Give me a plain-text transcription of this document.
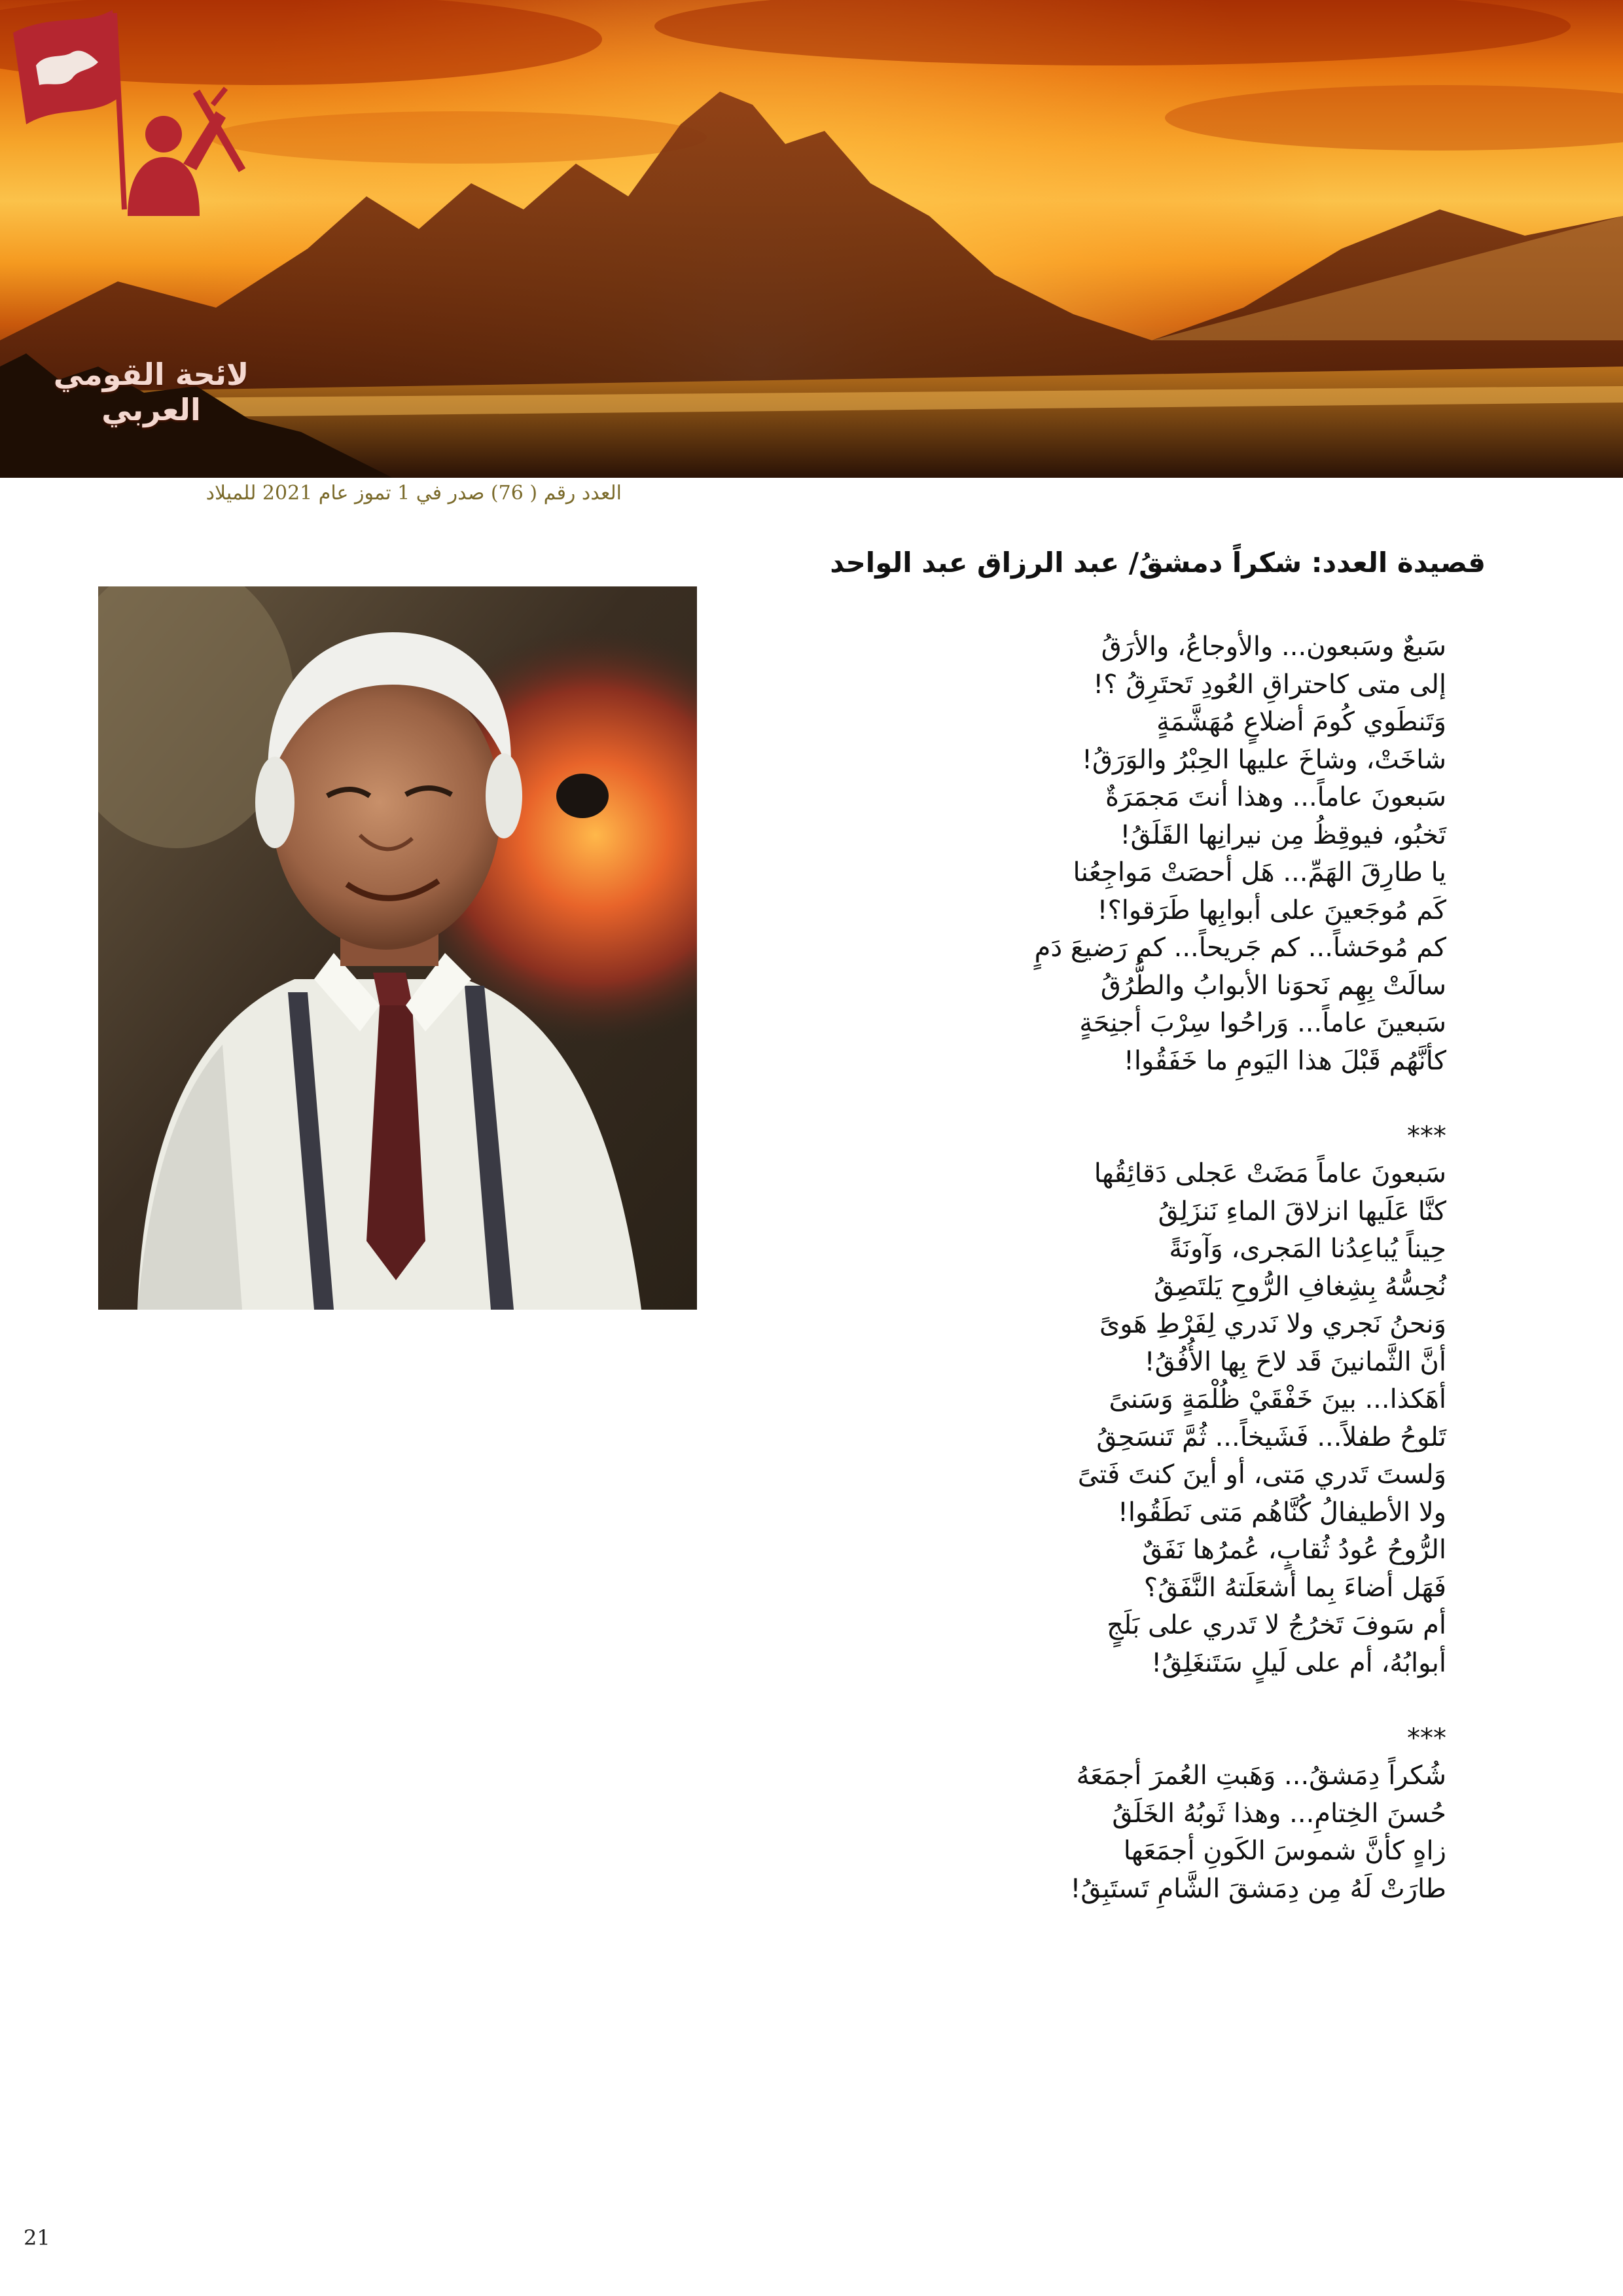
لائحة القومي العربي
العدد رقم ( 76) صدر في 1 تموز عام 2021 للميلاد
قصيدة العدد: شكراً دمشقُ/ عبد الرزاق عبد الواحد
سَبعٌ وسَبعون... والأوجاعُ، والأرَقُ
إلى متى كاحتراقِ العُودِ تَحتَرِقُ ؟!
وَتَنطَوي كُومَ أضلاعٍ مُهَشَّمَةٍ
شاخَتْ، وشاخَ عليها الحِبْرُ والوَرَقُ!
سَبعونَ عاماً... وهذا أنتَ مَجمَرَةٌ
تَخبُو، فيوقِظُ مِن نيرانِها القَلَقُ!
يا طارِقَ الهَمِّ... هَل أحصَتْ مَواجِعُنا
كَم مُوجَعينَ على أبوابِها طَرَقوا؟!
كم مُوحَشاً... كم جَريحاً... كم رَضيعَ دَمٍ
سالَتْ بِهِم نَحوَنا الأبوابُ والطُّرُقُ
سَبعينَ عاماً... وَراحُوا سِرْبَ أجنِحَةٍ
كأنَّهُم قَبْلَ هذا اليَومِ ما خَفَقُوا!
***
سَبعونَ عاماً مَضَتْ عَجلى دَقائِقُها
كنَّا عَلَيها انزلاقَ الماءِ نَنزَلِقُ
حِيناً يُباعِدُنا المَجرى، وَآونَةً
نُحِسُّهُ بِشِغافِ الرُّوحِ يَلتَصِقُ
وَنحنُ نَجري ولا نَدري لِفَرْطِ هَوىً
أنَّ الثَّمانينَ قَد لاحَ بِها الأُفُقُ!
أهَكذا... بينَ خَفْقَيْ ظُلْمَةٍ وَسَنىً
تَلوحُ طفلاً... فَشَيخاً... ثُمَّ تَنسَحِقُ
وَلستَ تَدري مَتى، أو أينَ كنتَ فَتىً
ولا الأطيفالُ كُنَّاهُم مَتى نَطَقُوا!
الرُّوحُ عُودُ ثُقابٍ، عُمرُها نَفَقٌ
فَهَل أضاءَ بِما أشعَلَتهُ النَّفَقُ؟
أم سَوفَ تَخرُجُ لا تَدري على بَلَجٍ
أبوابُهُ، أم على لَيلٍ سَتَنغَلِقُ!
***
شُكراً دِمَشقُ... وَهَبتِ العُمرَ أجمَعَهُ
حُسنَ الخِتامِ... وهذا ثَوبُهُ الخَلَقُ
زاهٍ كأنَّ شموسَ الكَونِ أجمَعَها
طارَتْ لَهُ مِن دِمَشقَ الشَّامِ تَستَبِقُ!
21
